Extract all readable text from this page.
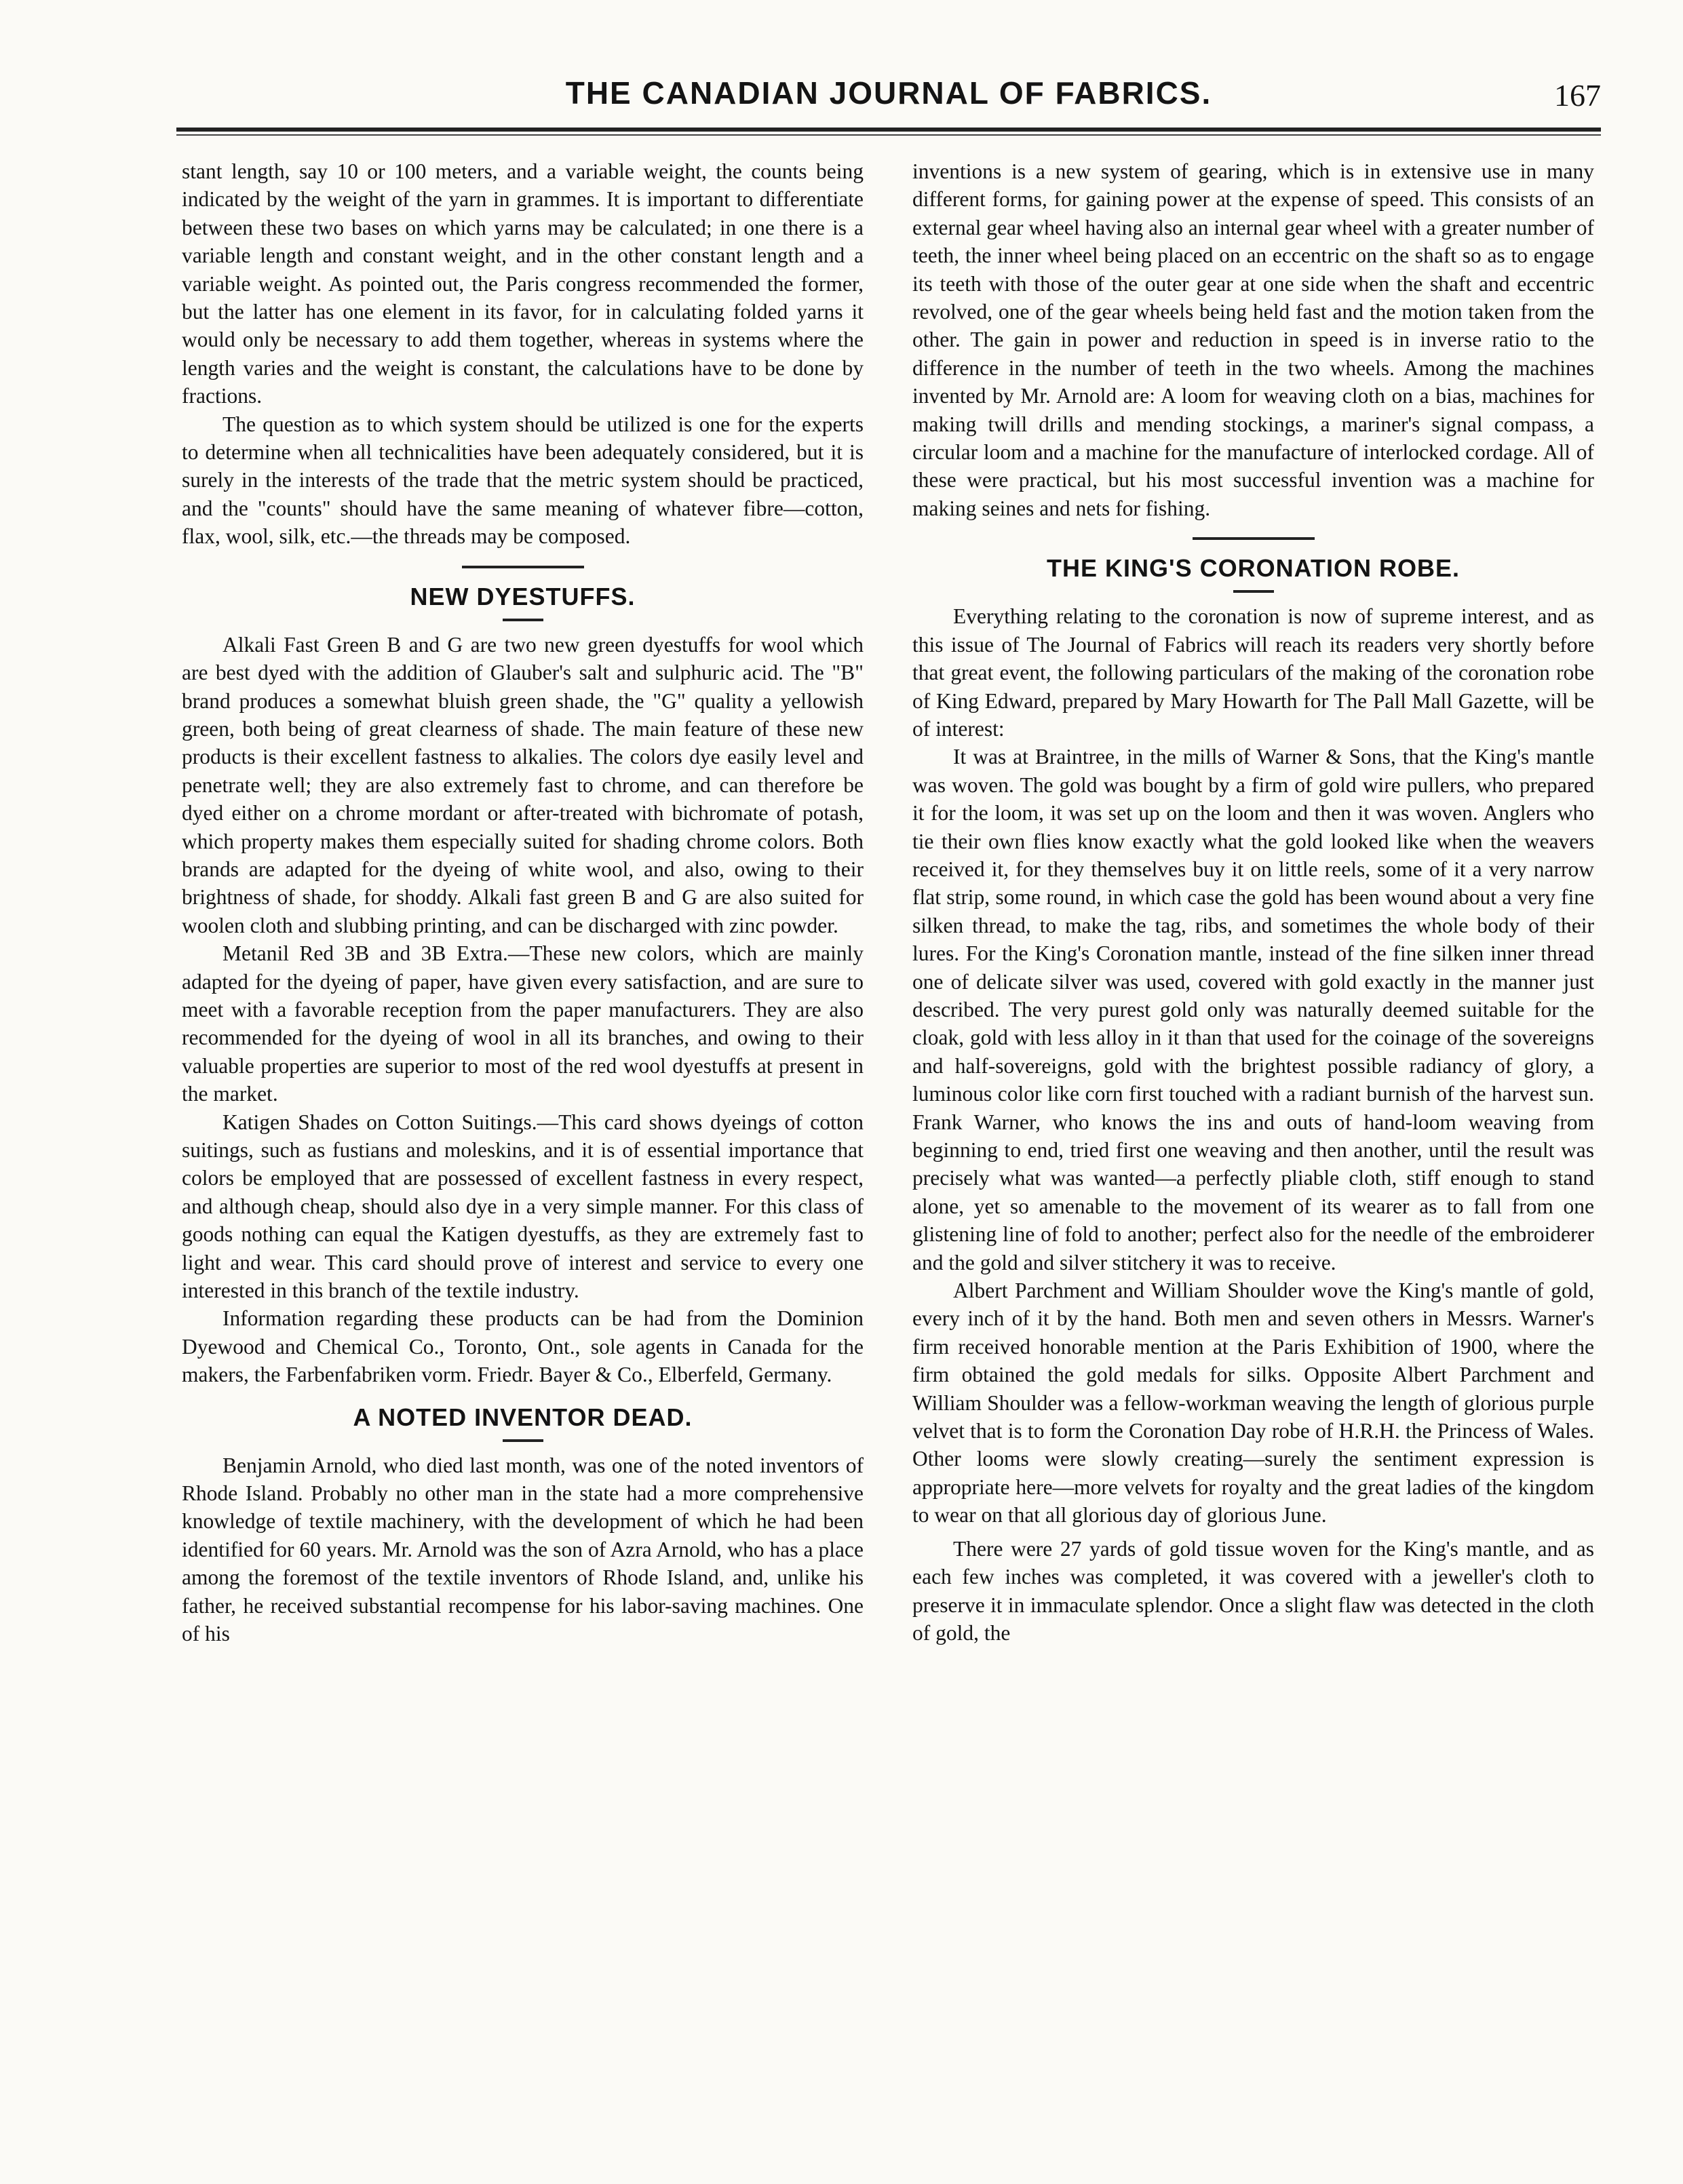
THE CANADIAN JOURNAL OF FABRICS.	167

stant length, say 10 or 100 meters, and a variable weight, the counts being indicated by the weight of the yarn in grammes. It is important to differentiate between these two bases on which yarns may be calculated; in one there is a variable length and constant weight, and in the other constant length and a variable weight. As pointed out, the Paris congress recommended the former, but the latter has one element in its favor, for in calculating folded yarns it would only be necessary to add them together, whereas in systems where the length varies and the weight is constant, the calculations have to be done by fractions.

The question as to which system should be utilized is one for the experts to determine when all technicalities have been adequately considered, but it is surely in the interests of the trade that the metric system should be practiced, and the "counts" should have the same meaning of whatever fibre—cotton, flax, wool, silk, etc.—the threads may be composed.

NEW DYESTUFFS.

Alkali Fast Green B and G are two new green dyestuffs for wool which are best dyed with the addition of Glauber's salt and sulphuric acid. The "B" brand produces a somewhat bluish green shade, the "G" quality a yellowish green, both being of great clearness of shade. The main feature of these new products is their excellent fastness to alkalies. The colors dye easily level and penetrate well; they are also extremely fast to chrome, and can therefore be dyed either on a chrome mordant or after-treated with bichromate of potash, which property makes them especially suited for shading chrome colors. Both brands are adapted for the dyeing of white wool, and also, owing to their brightness of shade, for shoddy. Alkali fast green B and G are also suited for woolen cloth and slubbing printing, and can be discharged with zinc powder.

Metanil Red 3B and 3B Extra.—These new colors, which are mainly adapted for the dyeing of paper, have given every satisfaction, and are sure to meet with a favorable reception from the paper manufacturers. They are also recommended for the dyeing of wool in all its branches, and owing to their valuable properties are superior to most of the red wool dyestuffs at present in the market.

Katigen Shades on Cotton Suitings.—This card shows dyeings of cotton suitings, such as fustians and moleskins, and it is of essential importance that colors be employed that are possessed of excellent fastness in every respect, and although cheap, should also dye in a very simple manner. For this class of goods nothing can equal the Katigen dyestuffs, as they are extremely fast to light and wear. This card should prove of interest and service to every one interested in this branch of the textile industry.

Information regarding these products can be had from the Dominion Dyewood and Chemical Co., Toronto, Ont., sole agents in Canada for the makers, the Farbenfabriken vorm. Friedr. Bayer & Co., Elberfeld, Germany.

A NOTED INVENTOR DEAD.

Benjamin Arnold, who died last month, was one of the noted inventors of Rhode Island. Probably no other man in the state had a more comprehensive knowledge of textile machinery, with the development of which he had been identified for 60 years. Mr. Arnold was the son of Azra Arnold, who has a place among the foremost of the textile inventors of Rhode Island, and, unlike his father, he received substantial recompense for his labor-saving machines. One of his

inventions is a new system of gearing, which is in extensive use in many different forms, for gaining power at the expense of speed. This consists of an external gear wheel having also an internal gear wheel with a greater number of teeth, the inner wheel being placed on an eccentric on the shaft so as to engage its teeth with those of the outer gear at one side when the shaft and eccentric revolved, one of the gear wheels being held fast and the motion taken from the other. The gain in power and reduction in speed is in inverse ratio to the difference in the number of teeth in the two wheels. Among the machines invented by Mr. Arnold are: A loom for weaving cloth on a bias, machines for making twill drills and mending stockings, a mariner's signal compass, a circular loom and a machine for the manufacture of interlocked cordage. All of these were practical, but his most successful invention was a machine for making seines and nets for fishing.

THE KING'S CORONATION ROBE.

Everything relating to the coronation is now of supreme interest, and as this issue of The Journal of Fabrics will reach its readers very shortly before that great event, the following particulars of the making of the coronation robe of King Edward, prepared by Mary Howarth for The Pall Mall Gazette, will be of interest:

It was at Braintree, in the mills of Warner & Sons, that the King's mantle was woven. The gold was bought by a firm of gold wire pullers, who prepared it for the loom, it was set up on the loom and then it was woven. Anglers who tie their own flies know exactly what the gold looked like when the weavers received it, for they themselves buy it on little reels, some of it a very narrow flat strip, some round, in which case the gold has been wound about a very fine silken thread, to make the tag, ribs, and sometimes the whole body of their lures. For the King's Coronation mantle, instead of the fine silken inner thread one of delicate silver was used, covered with gold exactly in the manner just described. The very purest gold only was naturally deemed suitable for the cloak, gold with less alloy in it than that used for the coinage of the sovereigns and half-sovereigns, gold with the brightest possible radiancy of glory, a luminous color like corn first touched with a radiant burnish of the harvest sun. Frank Warner, who knows the ins and outs of hand-loom weaving from beginning to end, tried first one weaving and then another, until the result was precisely what was wanted—a perfectly pliable cloth, stiff enough to stand alone, yet so amenable to the movement of its wearer as to fall from one glistening line of fold to another; perfect also for the needle of the embroiderer and the gold and silver stitchery it was to receive.

Albert Parchment and William Shoulder wove the King's mantle of gold, every inch of it by the hand. Both men and seven others in Messrs. Warner's firm received honorable mention at the Paris Exhibition of 1900, where the firm obtained the gold medals for silks. Opposite Albert Parchment and William Shoulder was a fellow-workman weaving the length of glorious purple velvet that is to form the Coronation Day robe of H.R.H. the Princess of Wales. Other looms were slowly creating—surely the sentiment expression is appropriate here—more velvets for royalty and the great ladies of the kingdom to wear on that all glorious day of glorious June.

There were 27 yards of gold tissue woven for the King's mantle, and as each few inches was completed, it was covered with a jeweller's cloth to preserve it in immaculate splendor. Once a slight flaw was detected in the cloth of gold, the
